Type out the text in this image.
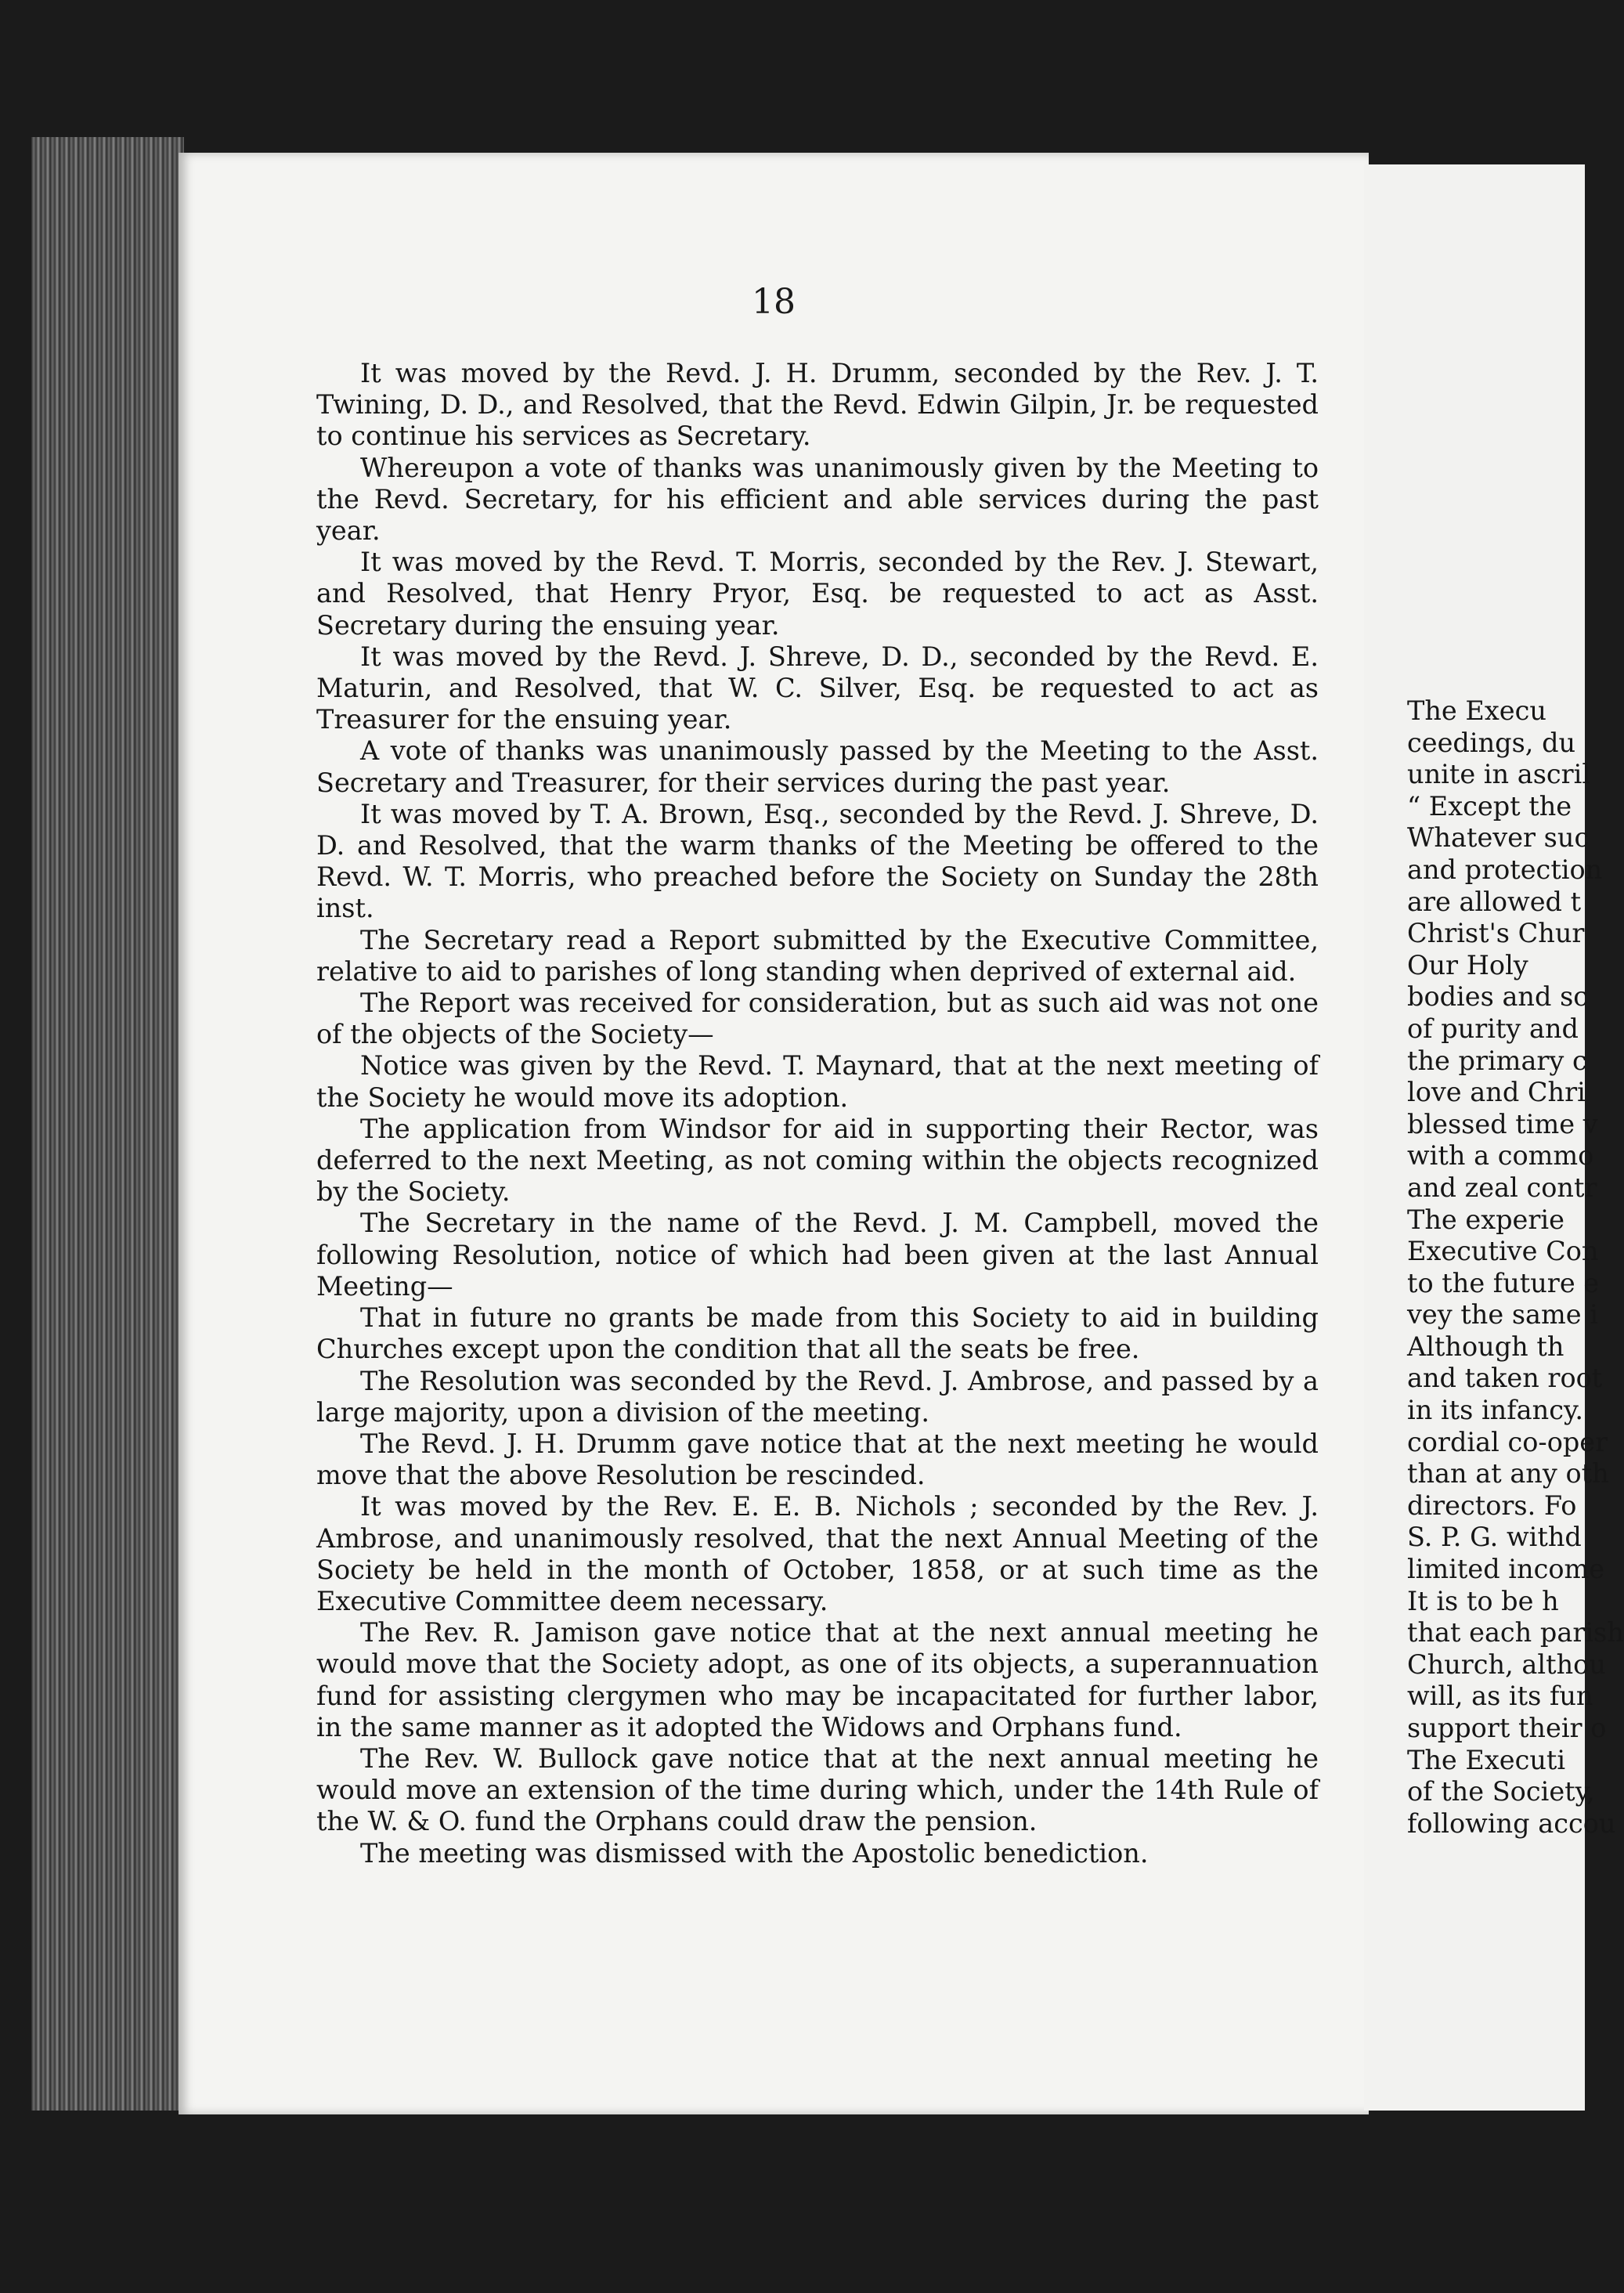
18

It was moved by the Revd. J. H. Drumm, seconded by the Rev. J. T. Twining, D. D., and Resolved, that the Revd. Edwin Gilpin, Jr. be requested to continue his services as Secretary.

Whereupon a vote of thanks was unanimously given by the Meeting to the Revd. Secretary, for his efficient and able services during the past year.

It was moved by the Revd. T. Morris, seconded by the Rev. J. Stewart, and Resolved, that Henry Pryor, Esq. be requested to act as Asst. Secretary during the ensuing year.

It was moved by the Revd. J. Shreve, D. D., seconded by the Revd. E. Maturin, and Resolved, that W. C. Silver, Esq. be requested to act as Treasurer for the ensuing year.

A vote of thanks was unanimously passed by the Meeting to the Asst. Secretary and Treasurer, for their services during the past year.

It was moved by T. A. Brown, Esq., seconded by the Revd. J. Shreve, D. D. and Resolved, that the warm thanks of the Meeting be offered to the Revd. W. T. Morris, who preached before the Society on Sunday the 28th inst.

The Secretary read a Report submitted by the Executive Committee, relative to aid to parishes of long standing when deprived of external aid.

The Report was received for consideration, but as such aid was not one of the objects of the Society—

Notice was given by the Revd. T. Maynard, that at the next meeting of the Society he would move its adoption.

The application from Windsor for aid in supporting their Rector, was deferred to the next Meeting, as not coming within the objects recognized by the Society.

The Secretary in the name of the Revd. J. M. Campbell, moved the following Resolution, notice of which had been given at the last Annual Meeting—

That in future no grants be made from this Society to aid in building Churches except upon the condition that all the seats be free.

The Resolution was seconded by the Revd. J. Ambrose, and passed by a large majority, upon a division of the meeting.

The Revd. J. H. Drumm gave notice that at the next meeting he would move that the above Resolution be rescinded.

It was moved by the Rev. E. E. B. Nichols ; seconded by the Rev. J. Ambrose, and unanimously resolved, that the next Annual Meeting of the Society be held in the month of October, 1858, or at such time as the Executive Committee deem necessary.

The Rev. R. Jamison gave notice that at the next annual meeting he would move that the Society adopt, as one of its objects, a superannuation fund for assisting clergymen who may be incapacitated for further labor, in the same manner as it adopted the Widows and Orphans fund.

The Rev. W. Bullock gave notice that at the next annual meeting he would move an extension of the time during which, under the 14th Rule of the W. & O. fund the Orphans could draw the pension.

The meeting was dismissed with the Apostolic benediction.

The Execu
ceedings, du
unite in ascril
“ Except the
Whatever suc
and protection
are allowed t
Christ's Chur
Our Holy
bodies and sc
of purity and
the primary c
love and Chri
blessed time v
with a commo
and zeal contr
The experie
Executive Con
to the future e
vey the same i
Although th
and taken root
in its infancy.
cordial co-oper
than at any oth
directors. Fo
S. P. G. withd
limited income
It is to be h
that each parish
Church, althou
will, as its fun
support their o
The Executi
of the Society,
following accou
